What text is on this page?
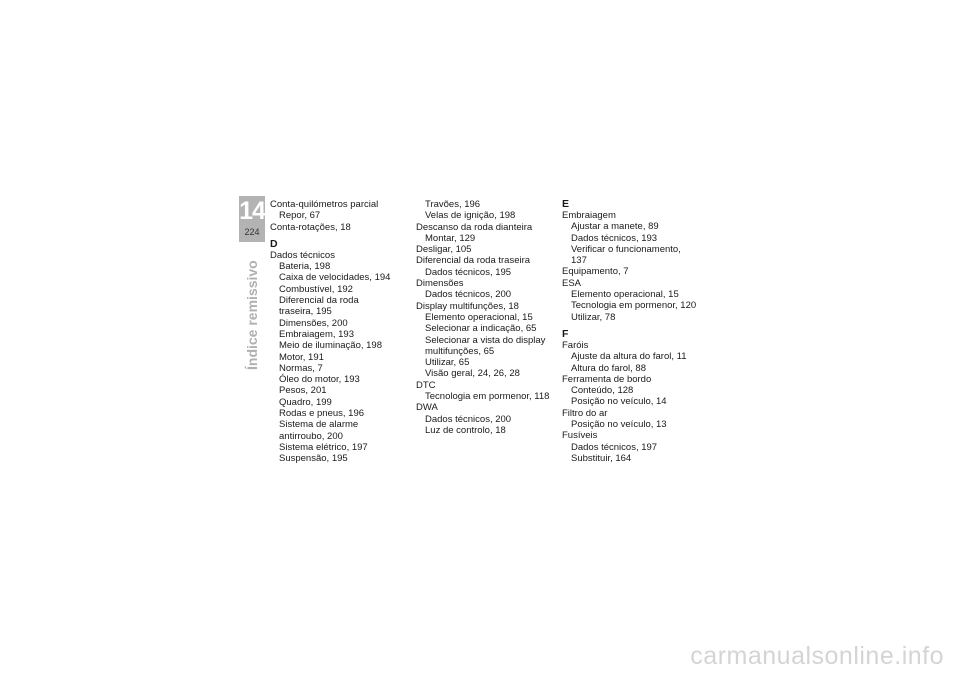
14
224
Índice remissivo
Conta-quilómetros parcial
Repor, 67
Conta-rotações, 18
D
Dados técnicos
Bateria, 198
Caixa de velocidades, 194
Combustível, 192
Diferencial da roda
traseira, 195
Dimensões, 200
Embraiagem, 193
Meio de iluminação, 198
Motor, 191
Normas, 7
Óleo do motor, 193
Pesos, 201
Quadro, 199
Rodas e pneus, 196
Sistema de alarme
antirroubo, 200
Sistema elétrico, 197
Suspensão, 195
Travões, 196
Velas de ignição, 198
Descanso da roda dianteira
Montar, 129
Desligar, 105
Diferencial da roda traseira
Dados técnicos, 195
Dimensões
Dados técnicos, 200
Display multifunções, 18
Elemento operacional, 15
Selecionar a indicação, 65
Selecionar a vista do display
multifunções, 65
Utilizar, 65
Visão geral, 24, 26, 28
DTC
Tecnologia em pormenor, 118
DWA
Dados técnicos, 200
Luz de controlo, 18
E
Embraiagem
Ajustar a manete, 89
Dados técnicos, 193
Verificar o funcionamento, 137
Equipamento, 7
ESA
Elemento operacional, 15
Tecnologia em pormenor, 120
Utilizar, 78
F
Faróis
Ajuste da altura do farol, 11
Altura do farol, 88
Ferramenta de bordo
Conteúdo, 128
Posição no veículo, 14
Filtro do ar
Posição no veículo, 13
Fusíveis
Dados técnicos, 197
Substituir, 164
carmanualsonline.info
